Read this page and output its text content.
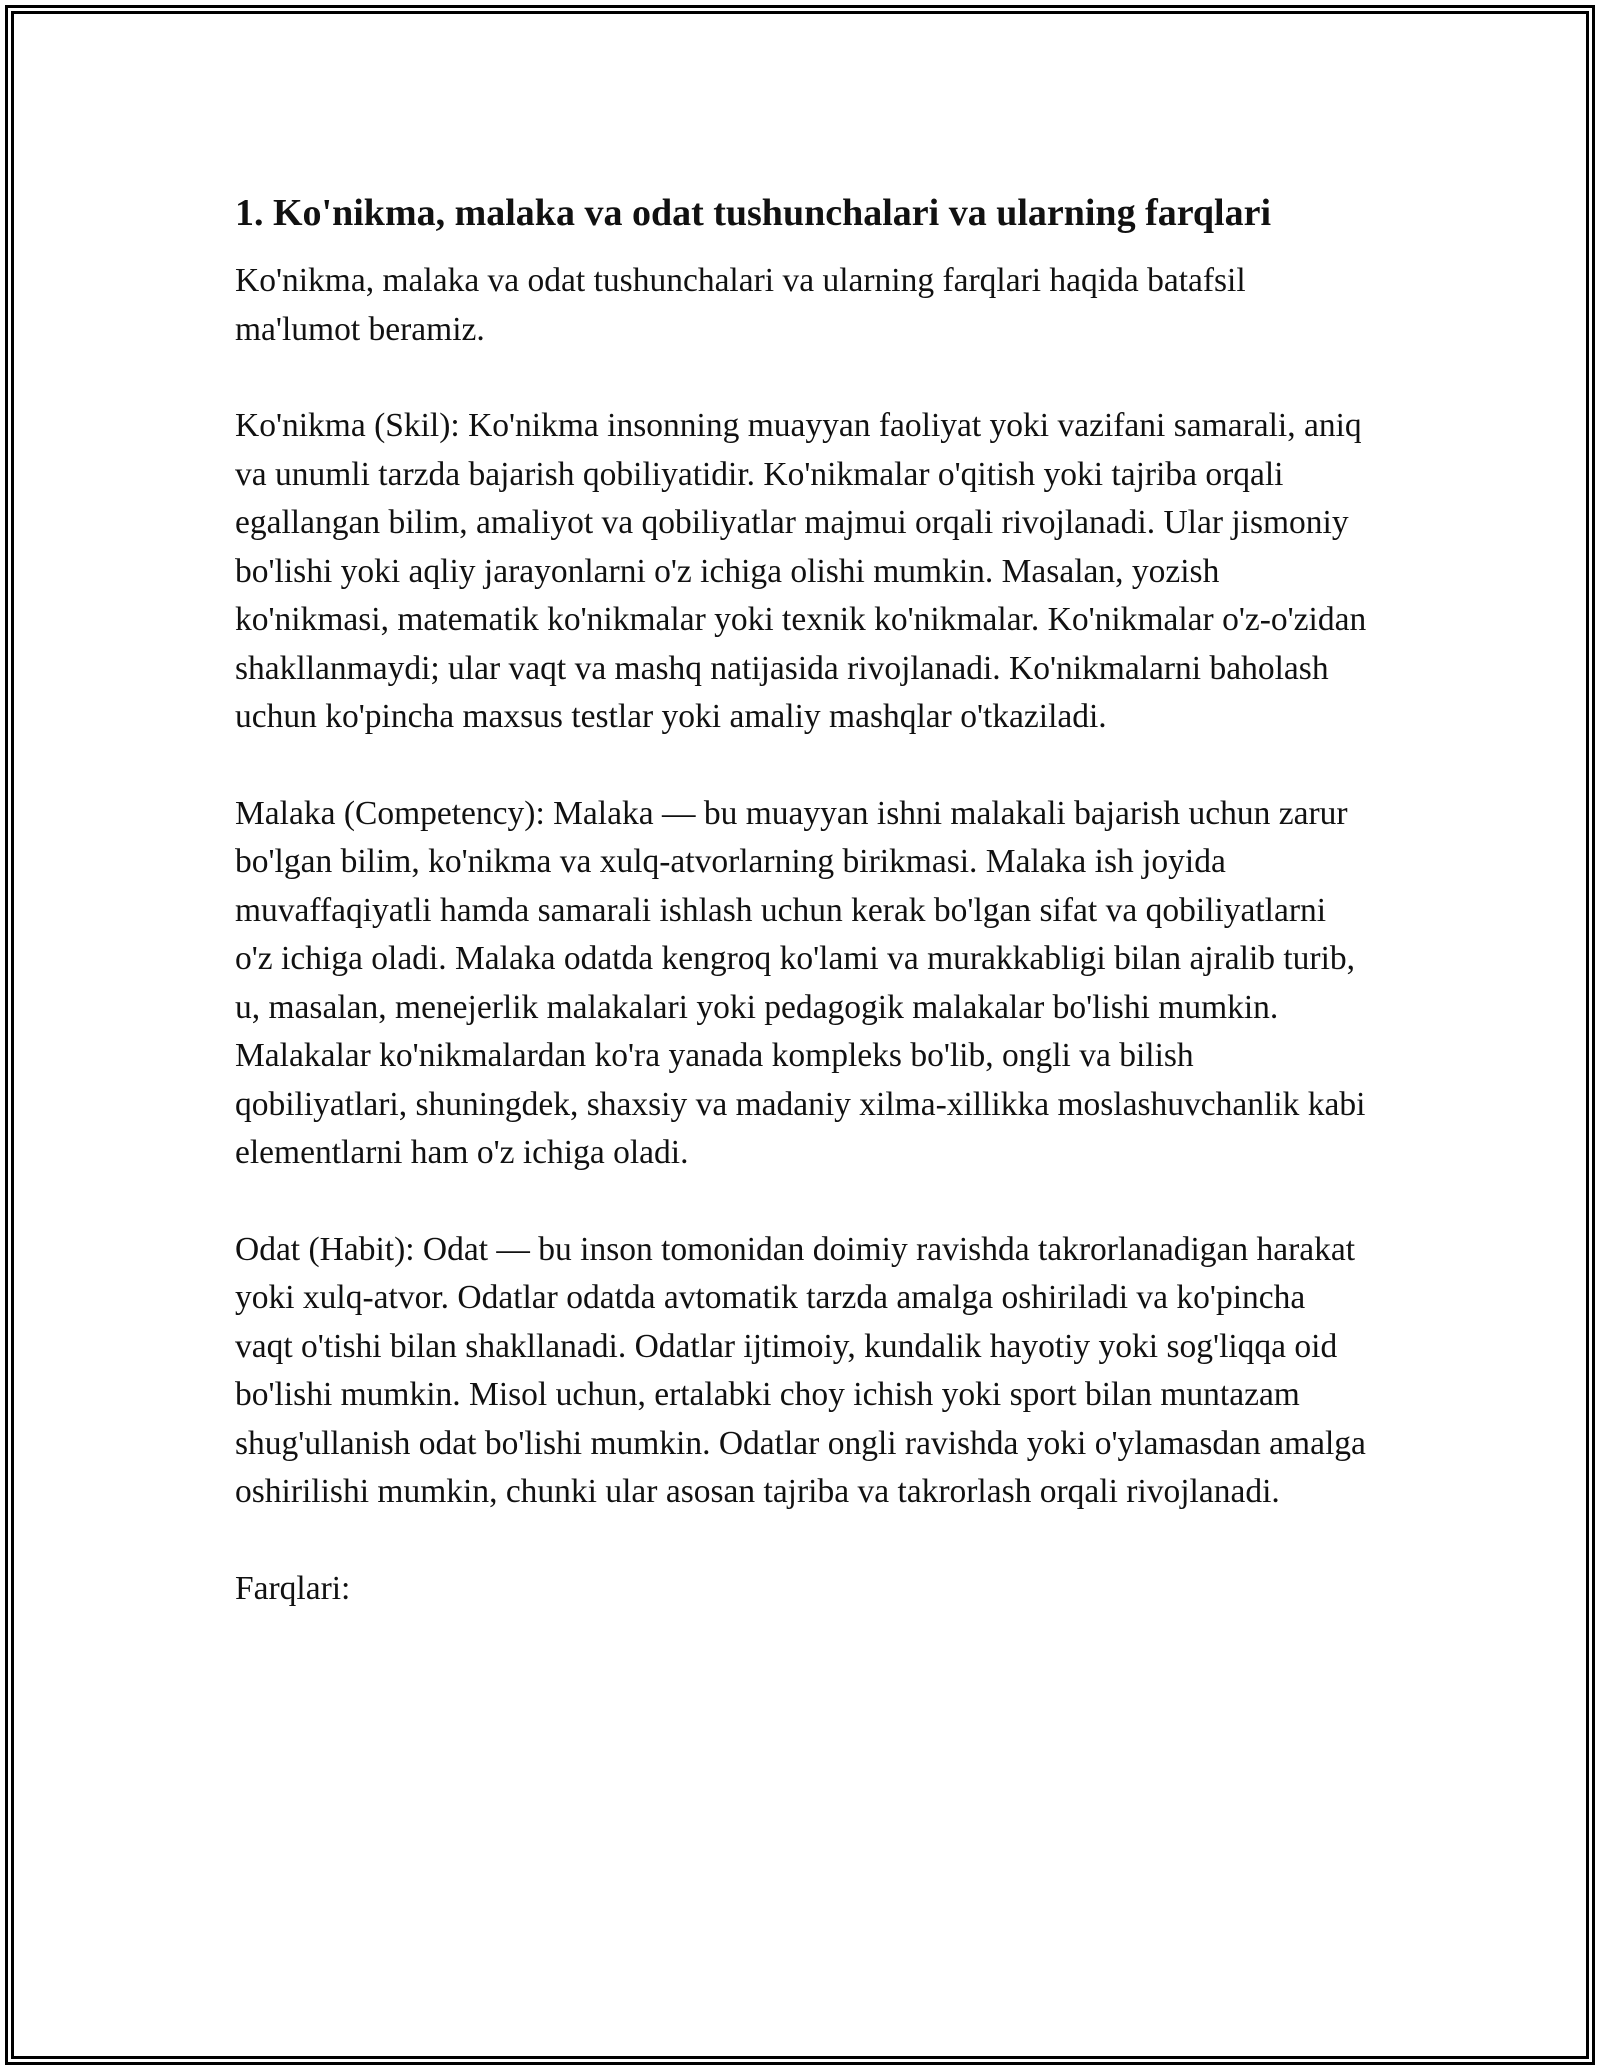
1. Ko'nikma, malaka va odat tushunchalari va ularning farqlari

Ko'nikma, malaka va odat tushunchalari va ularning farqlari haqida batafsil ma'lumot beramiz.

Ko'nikma (Skil): Ko'nikma insonning muayyan faoliyat yoki vazifani samarali, aniq va unumli tarzda bajarish qobiliyatidir. Ko'nikmalar o'qitish yoki tajriba orqali egallangan bilim, amaliyot va qobiliyatlar majmui orqali rivojlanadi. Ular jismoniy bo'lishi yoki aqliy jarayonlarni o'z ichiga olishi mumkin. Masalan, yozish ko'nikmasi, matematik ko'nikmalar yoki texnik ko'nikmalar. Ko'nikmalar o'z-o'zidan shakllanmaydi; ular vaqt va mashq natijasida rivojlanadi. Ko'nikmalarni baholash uchun ko'pincha maxsus testlar yoki amaliy mashqlar o'tkaziladi.

Malaka (Competency): Malaka — bu muayyan ishni malakali bajarish uchun zarur bo'lgan bilim, ko'nikma va xulq-atvorlarning birikmasi. Malaka ish joyida muvaffaqiyatli hamda samarali ishlash uchun kerak bo'lgan sifat va qobiliyatlarni o'z ichiga oladi. Malaka odatda kengroq ko'lami va murakkabligi bilan ajralib turib, u, masalan, menejerlik malakalari yoki pedagogik malakalar bo'lishi mumkin. Malakalar ko'nikmalardan ko'ra yanada kompleks bo'lib, ongli va bilish qobiliyatlari, shuningdek, shaxsiy va madaniy xilma-xillikka moslashuvchanlik kabi elementlarni ham o'z ichiga oladi.

Odat (Habit): Odat — bu inson tomonidan doimiy ravishda takrorlanadigan harakat yoki xulq-atvor. Odatlar odatda avtomatik tarzda amalga oshiriladi va ko'pincha vaqt o'tishi bilan shakllanadi. Odatlar ijtimoiy, kundalik hayotiy yoki sog'liqqa oid bo'lishi mumkin. Misol uchun, ertalabki choy ichish yoki sport bilan muntazam shug'ullanish odat bo'lishi mumkin. Odatlar ongli ravishda yoki o'ylamasdan amalga oshirilishi mumkin, chunki ular asosan tajriba va takrorlash orqali rivojlanadi.

Farqlari:
